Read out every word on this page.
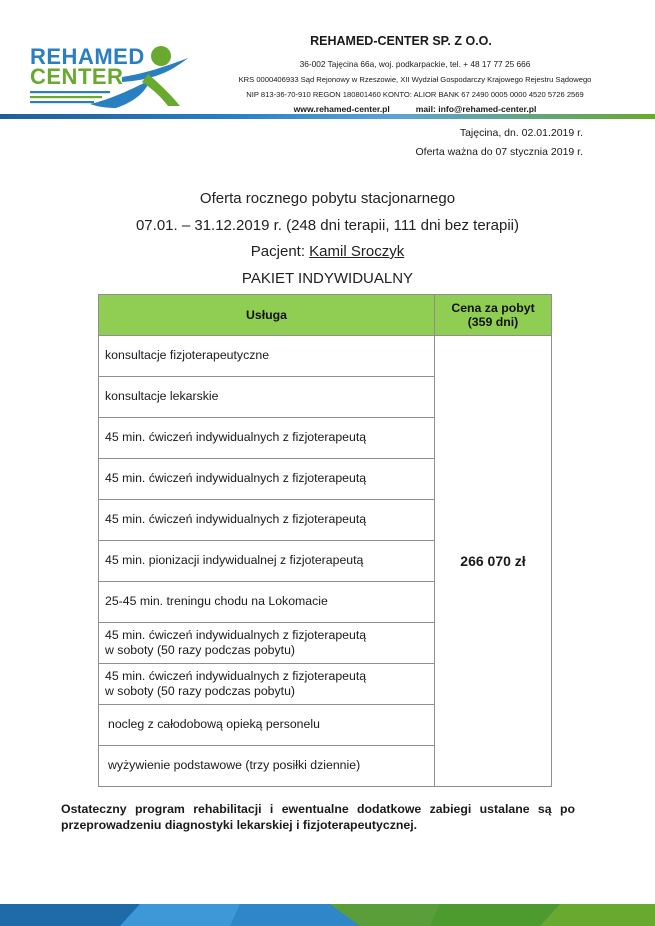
REHAMED
CENTER
REHAMED-CENTER SP. Z O.O.
36-002 Tajęcina 66a, woj. podkarpackie, tel. + 48 17 77 25 666
KRS 0000406933 Sąd Rejonowy w Rzeszowie, XII Wydział Gospodarczy Krajowego Rejestru Sądowego
NIP 813-36-70-910 REGON 180801460 KONTO: ALIOR BANK 67 2490 0005 0000 4520 5726 2569
www.rehamed-center.pl	mail: info@rehamed-center.pl
Tajęcina, dn. 02.01.2019 r.
Oferta ważna do 07 stycznia 2019 r.
Oferta rocznego pobytu stacjonarnego
07.01. – 31.12.2019 r. (248 dni terapii, 111 dni bez terapii)
Pacjent: Kamil Sroczyk
PAKIET INDYWIDUALNY
Usługa	Cena za pobyt
(359 dni)
konsultacje fizjoterapeutyczne	266 070 zł
konsultacje lekarskie	
45 min. ćwiczeń indywidualnych z fizjoterapeutą	
45 min. ćwiczeń indywidualnych z fizjoterapeutą	
45 min. ćwiczeń indywidualnych z fizjoterapeutą	
45 min. pionizacji indywidualnej z fizjoterapeutą	
25-45 min. treningu chodu na Lokomacie	
45 min. ćwiczeń indywidualnych z fizjoterapeutą
w soboty (50 razy podczas pobytu)	
45 min. ćwiczeń indywidualnych z fizjoterapeutą
w soboty (50 razy podczas pobytu)	
nocleg z całodobową opieką personelu	
wyżywienie podstawowe (trzy posiłki dziennie)	
Ostateczny program rehabilitacji i ewentualne dodatkowe zabiegi ustalane są po przeprowadzeniu diagnostyki lekarskiej i fizjoterapeutycznej.
